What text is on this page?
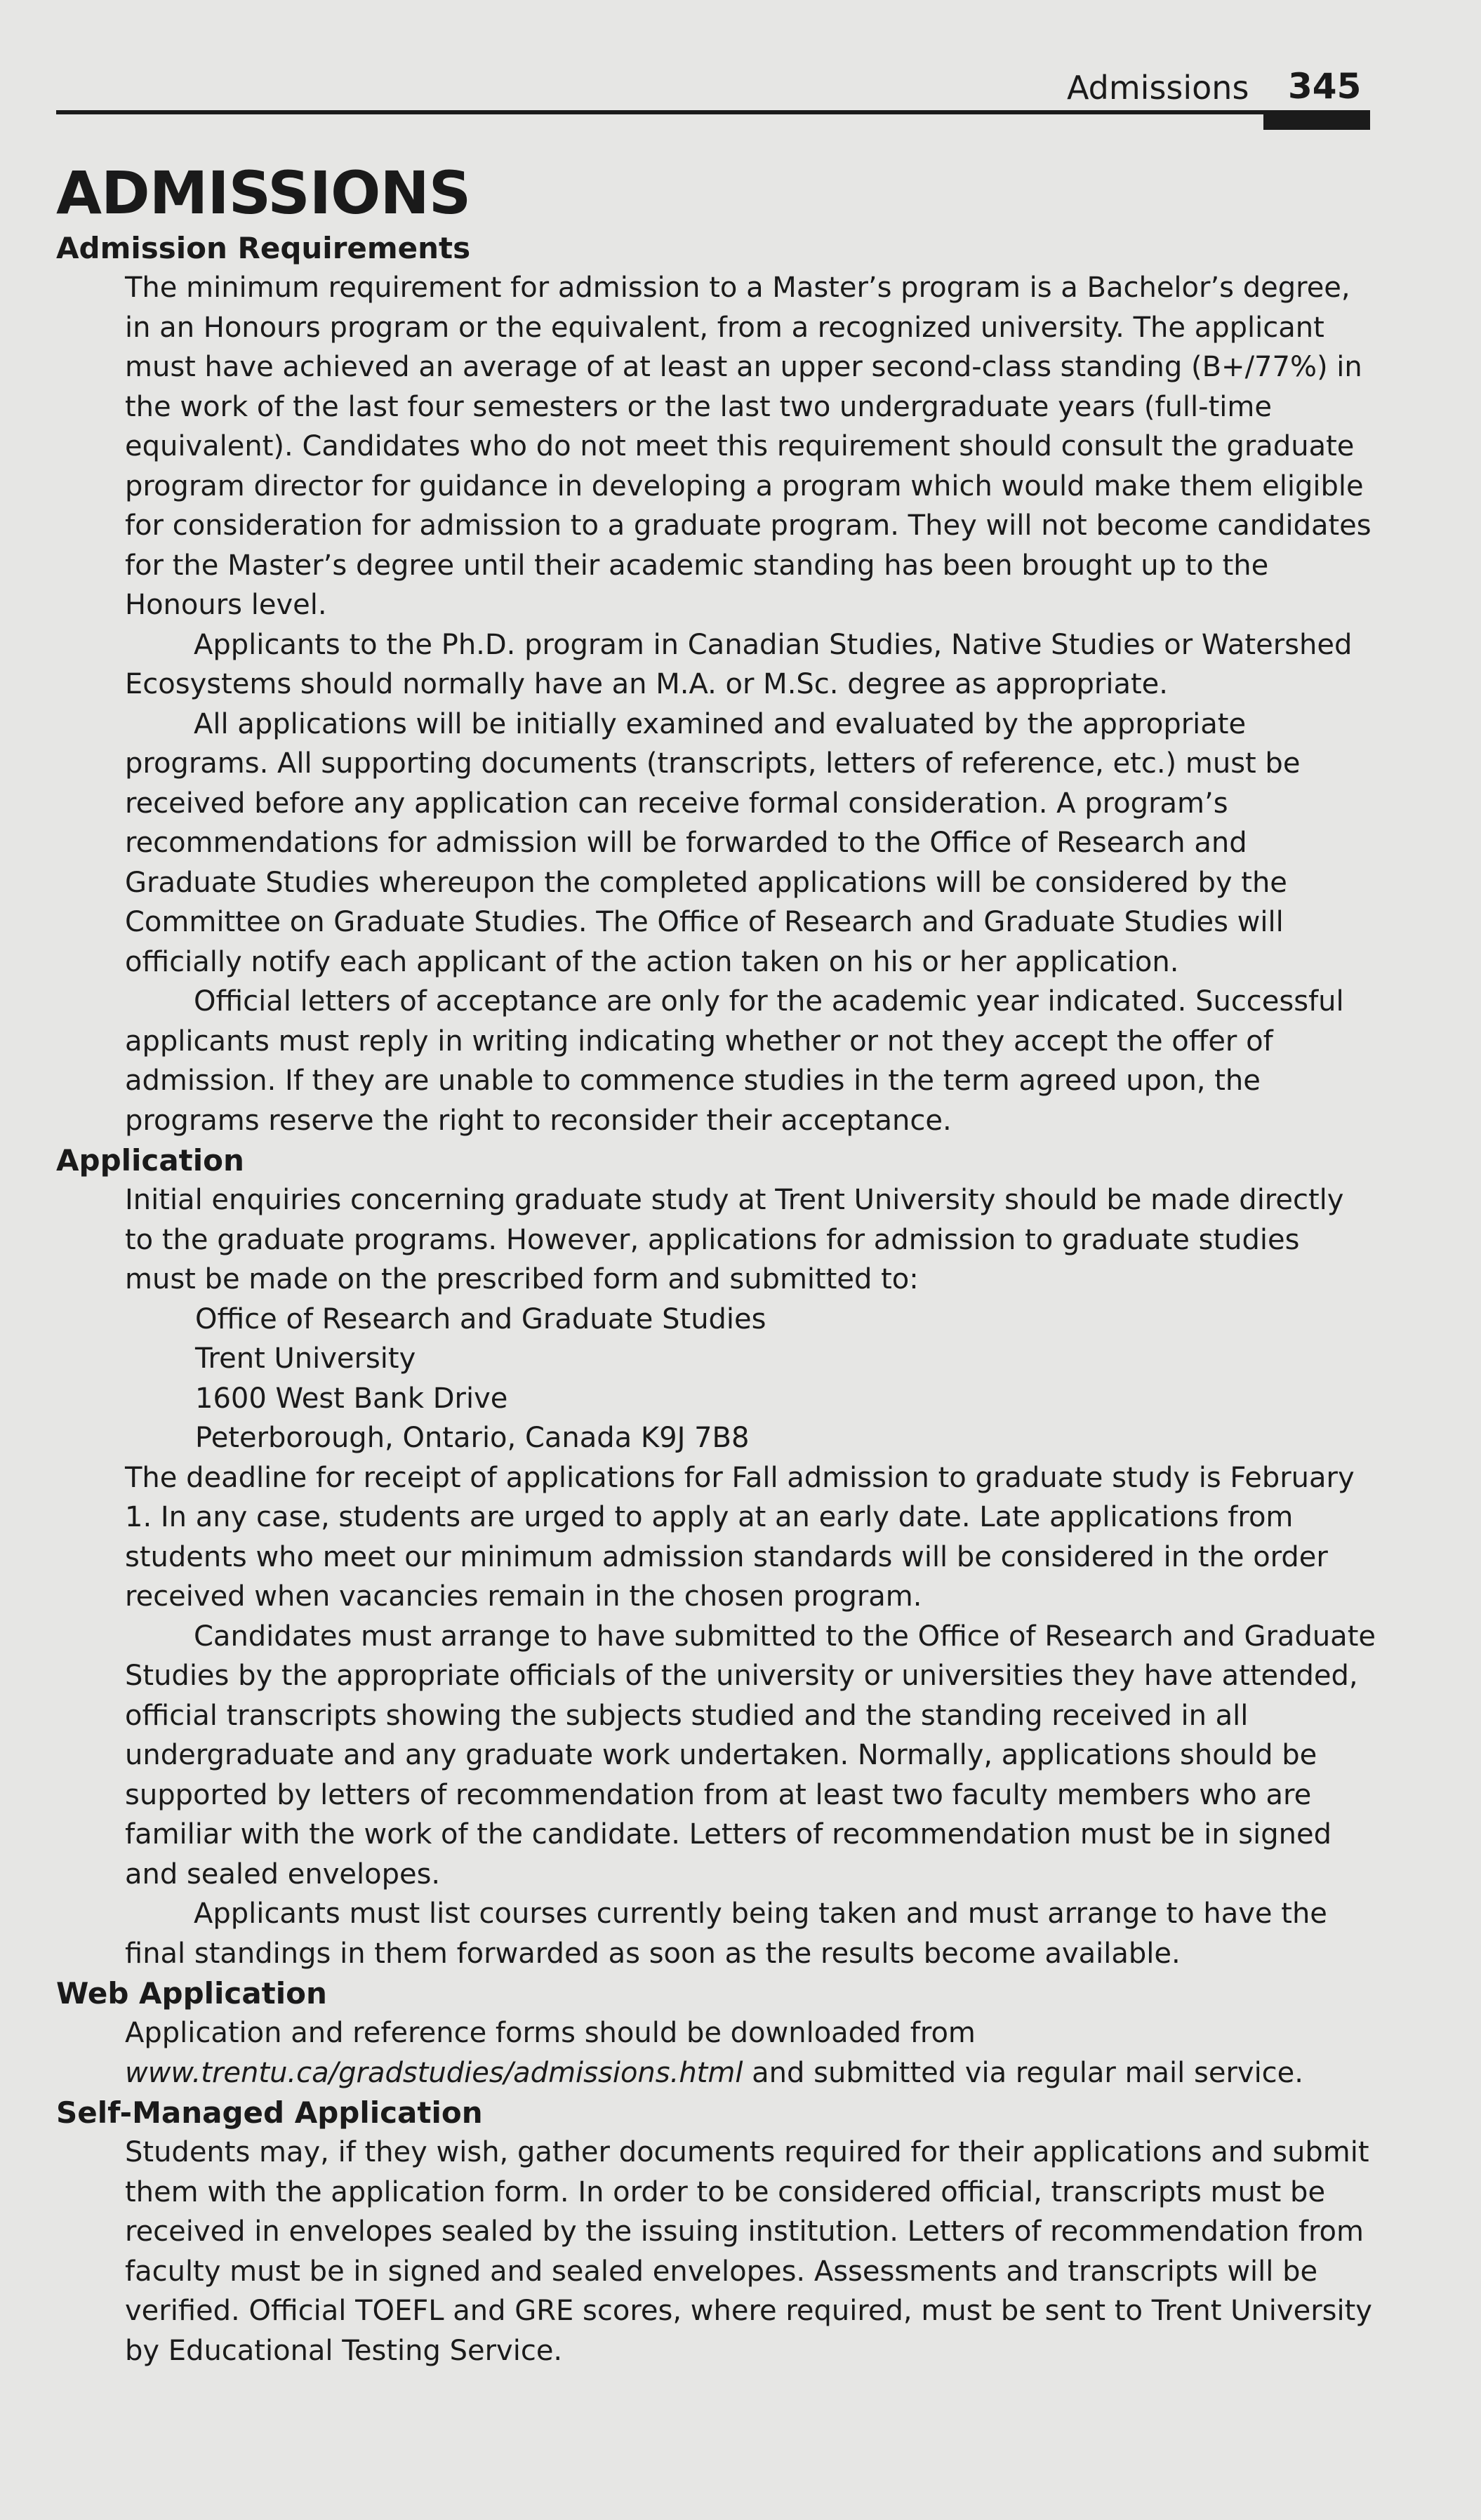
Admissions 345
ADMISSIONS
Admission Requirements

The minimum requirement for admission to a Master’s program is a Bachelor’s degree, in an Honours program or the equivalent, from a recognized university. The applicant must have achieved an average of at least an upper second-class standing (B+/77%) in the work of the last four semesters or the last two undergraduate years (full-time equivalent). Candidates who do not meet this requirement should consult the graduate program director for guidance in developing a program which would make them eligible for consideration for admission to a graduate program. They will not become candidates for the Master’s degree until their academic standing has been brought up to the Honours level.

Applicants to the Ph.D. program in Canadian Studies, Native Studies or Watershed Ecosystems should normally have an M.A. or M.Sc. degree as appropriate.

All applications will be initially examined and evaluated by the appropriate programs. All supporting documents (transcripts, letters of reference, etc.) must be received before any application can receive formal consideration. A program’s recommendations for admission will be forwarded to the Office of Research and Graduate Studies whereupon the completed applications will be considered by the Committee on Graduate Studies. The Office of Research and Graduate Studies will officially notify each applicant of the action taken on his or her application.

Official letters of acceptance are only for the academic year indicated. Successful applicants must reply in writing indicating whether or not they accept the offer of admission. If they are unable to commence studies in the term agreed upon, the programs reserve the right to reconsider their acceptance.

Application

Initial enquiries concerning graduate study at Trent University should be made directly to the graduate programs. However, applications for admission to graduate studies must be made on the prescribed form and submitted to:

Office of Research and Graduate Studies
Trent University
1600 West Bank Drive
Peterborough, Ontario, Canada K9J 7B8

The deadline for receipt of applications for Fall admission to graduate study is February 1. In any case, students are urged to apply at an early date. Late applications from students who meet our minimum admission standards will be considered in the order received when vacancies remain in the chosen program.

Candidates must arrange to have submitted to the Office of Research and Graduate Studies by the appropriate officials of the university or universities they have attended, official transcripts showing the subjects studied and the standing received in all undergraduate and any graduate work undertaken. Normally, applications should be supported by letters of recommendation from at least two faculty members who are familiar with the work of the candidate. Letters of recommendation must be in signed and sealed envelopes.

Applicants must list courses currently being taken and must arrange to have the final standings in them forwarded as soon as the results become available.

Web Application

Application and reference forms should be downloaded from www.trentu.ca/gradstudies/admissions.html and submitted via regular mail service.

Self-Managed Application

Students may, if they wish, gather documents required for their applications and submit them with the application form. In order to be considered official, transcripts must be received in envelopes sealed by the issuing institution. Letters of recommendation from faculty must be in signed and sealed envelopes. Assessments and transcripts will be verified. Official TOEFL and GRE scores, where required, must be sent to Trent University by Educational Testing Service.
